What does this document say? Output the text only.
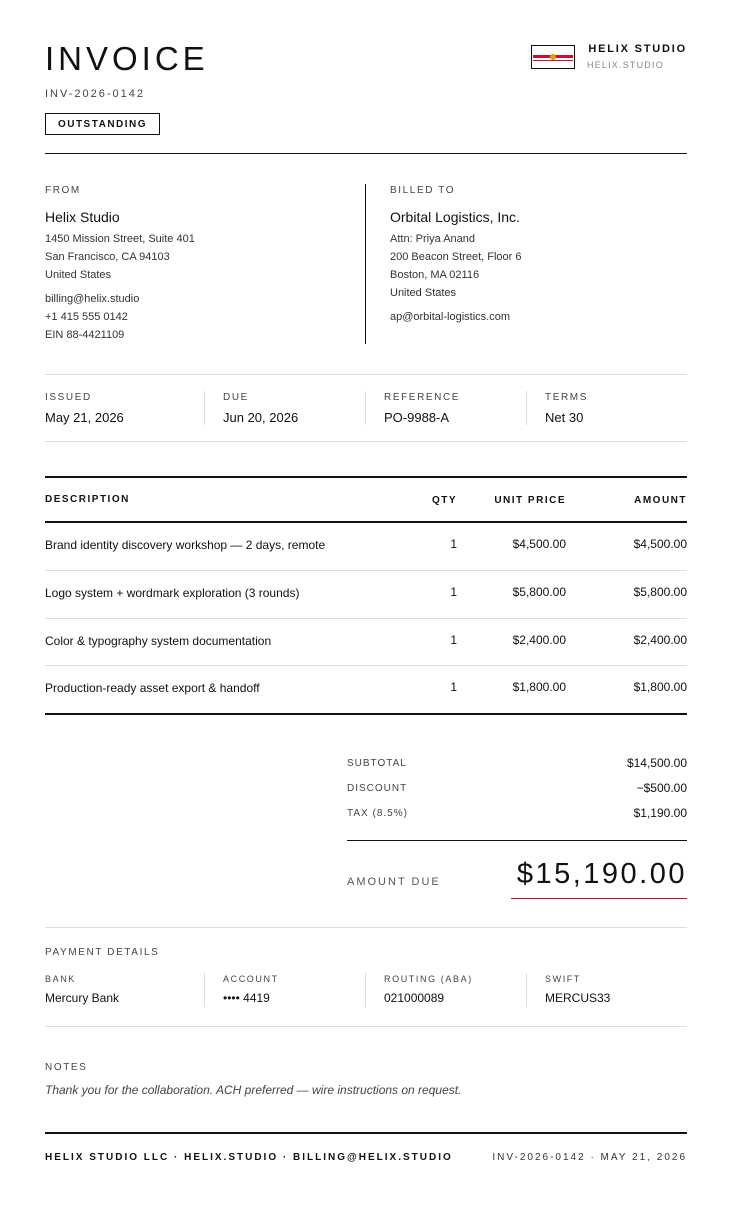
INVOICE
INV-2026-0142
OUTSTANDING
HELIX STUDIO
HELIX.STUDIO
FROM
Helix Studio
1450 Mission Street, Suite 401
San Francisco, CA 94103
United States
billing@helix.studio
+1 415 555 0142
EIN 88-4421109
BILLED TO
Orbital Logistics, Inc.
Attn: Priya Anand
200 Beacon Street, Floor 6
Boston, MA 02116
United States
ap@orbital-logistics.com
ISSUED
May 21, 2026
DUE
Jun 20, 2026
REFERENCE
PO-9988-A
TERMS
Net 30
DESCRIPTION	QTY	UNIT PRICE	AMOUNT
Brand identity discovery workshop — 2 days, remote	1	$4,500.00	$4,500.00
Logo system + wordmark exploration (3 rounds)	1	$5,800.00	$5,800.00
Color & typography system documentation	1	$2,400.00	$2,400.00
Production-ready asset export & handoff	1	$1,800.00	$1,800.00
SUBTOTAL	$14,500.00
DISCOUNT	−$500.00
TAX (8.5%)	$1,190.00
AMOUNT DUE	$15,190.00
PAYMENT DETAILS
BANK
Mercury Bank
ACCOUNT
•••• 4419
ROUTING (ABA)
021000089
SWIFT
MERCUS33
NOTES
Thank you for the collaboration. ACH preferred — wire instructions on request.
HELIX STUDIO LLC · HELIX.STUDIO · BILLING@HELIX.STUDIO	INV-2026-0142 · MAY 21, 2026
